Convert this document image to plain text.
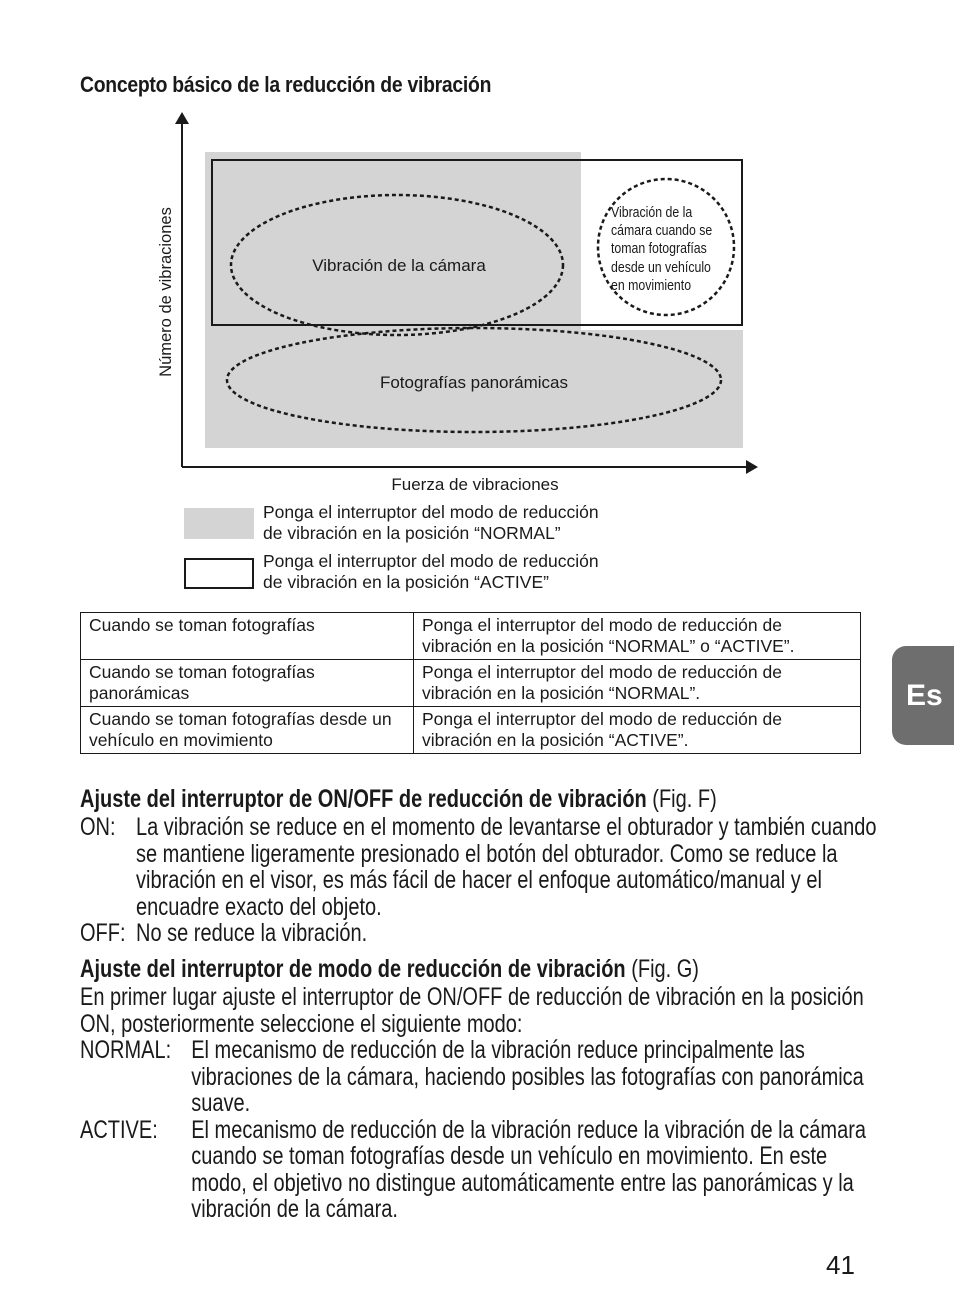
Concepto básico de la reducción de vibración
Número de vibraciones
Fuerza de vibraciones
Vibración de la cámara
Fotografías panorámicas
Vibración de la
cámara cuando se
toman fotografías
desde un vehículo
en movimiento
Ponga el interruptor del modo de reducción
de vibración en la posición “NORMAL”
Ponga el interruptor del modo de reducción
de vibración en la posición “ACTIVE”
Cuando se toman fotografías	Ponga el interruptor del modo de reducción de vibración en la posición “NORMAL” o “ACTIVE”.
Cuando se toman fotografías panorámicas	Ponga el interruptor del modo de reducción de vibración en la posición “NORMAL”.
Cuando se toman fotografías desde un vehículo en movimiento	Ponga el interruptor del modo de reducción de vibración en la posición “ACTIVE”.
Es
Ajuste del interruptor de ON/OFF de reducción de vibración (Fig. F)
ON: La vibración se reduce en el momento de levantarse el obturador y también cuando se mantiene ligeramente presionado el botón del obturador. Como se reduce la vibración en el visor, es más fácil de hacer el enfoque automático/manual y el encuadre exacto del objeto.
OFF: No se reduce la vibración.
Ajuste del interruptor de modo de reducción de vibración (Fig. G)
En primer lugar ajuste el interruptor de ON/OFF de reducción de vibración en la posición ON, posteriormente seleccione el siguiente modo:
NORMAL: El mecanismo de reducción de la vibración reduce principalmente las vibraciones de la cámara, haciendo posibles las fotografías con panorámica suave.
ACTIVE:	El mecanismo de reducción de la vibración reduce la vibración de la cámara cuando se toman fotografías desde un vehículo en movimiento. En este modo, el objetivo no distingue automáticamente entre las panorámicas y la vibración de la cámara.
41
